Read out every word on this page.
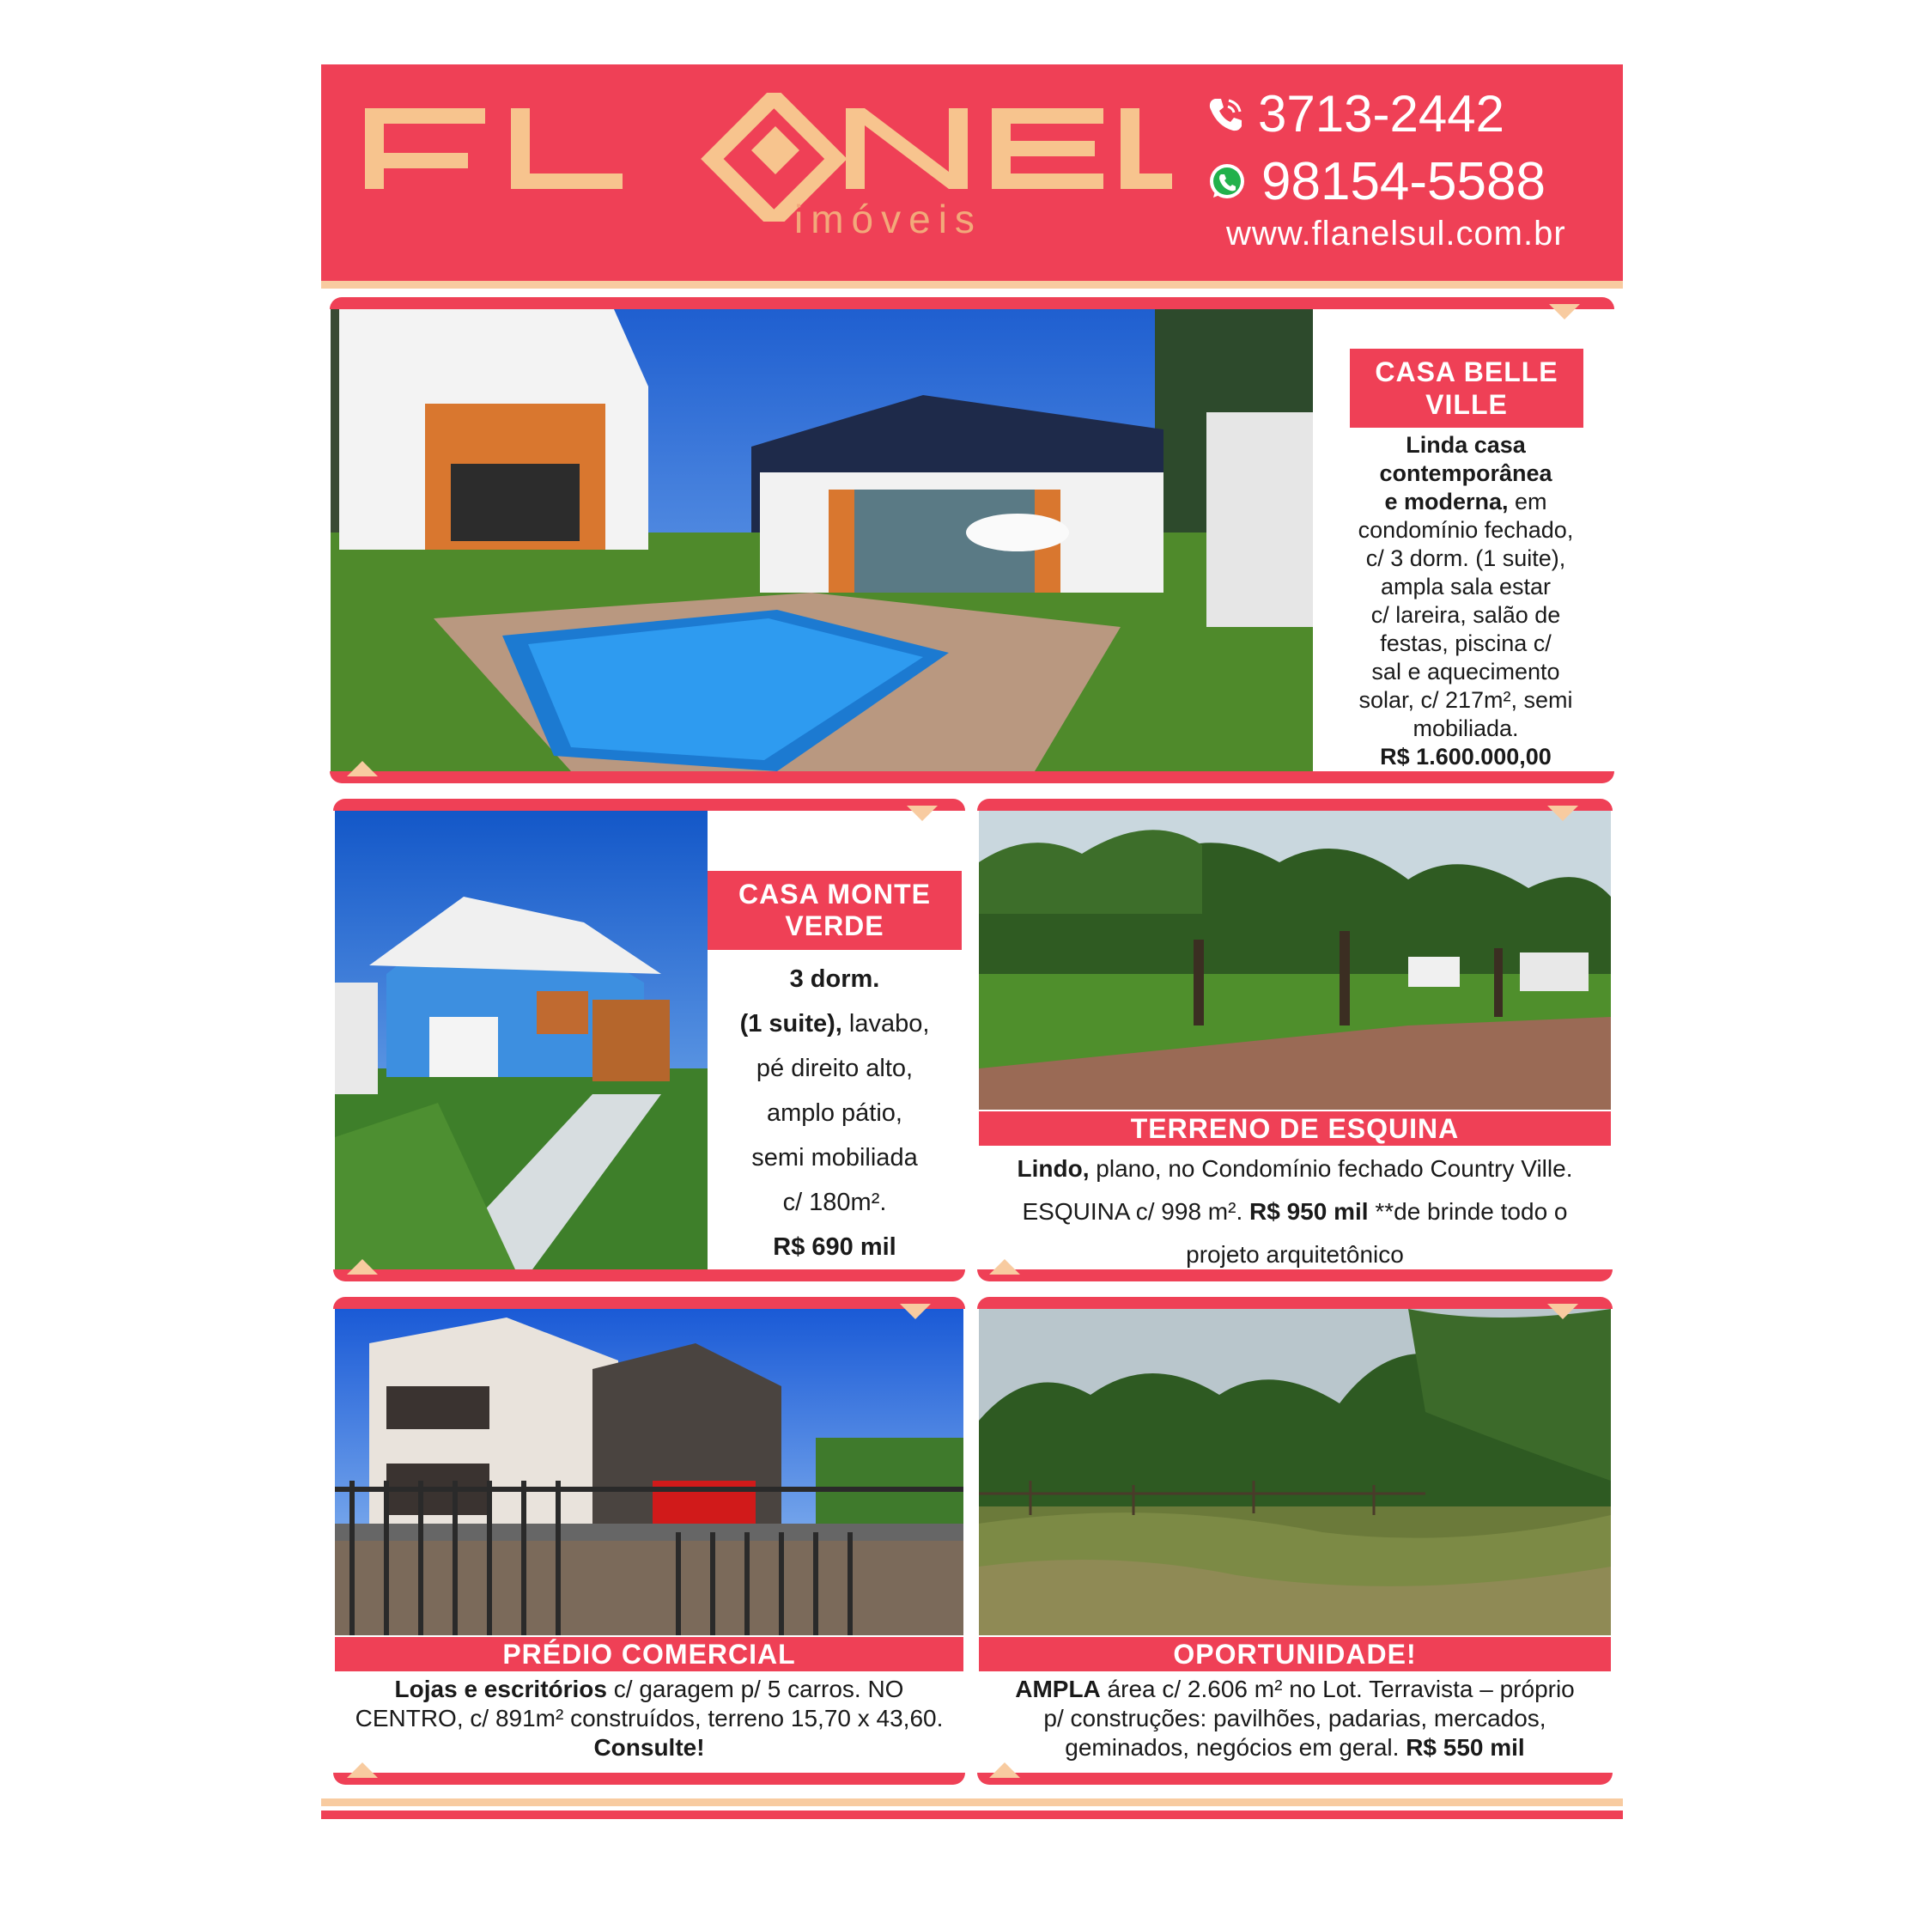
imóveis
3713-2442
98154-5588
www.flanelsul.com.br
CASA BELLE
VILLE
Linda casa
contemporânea
e moderna, em
condomínio fechado,
c/ 3 dorm. (1 suite),
ampla sala estar
c/ lareira, salão de
festas, piscina c/
sal e aquecimento
solar, c/ 217m², semi
mobiliada.
R$ 1.600.000,00
CASA MONTE
VERDE
3 dorm.
(1 suite), lavabo,
pé direito alto,
amplo pátio,
semi mobiliada
c/ 180m².
R$ 690 mil
TERRENO DE ESQUINA
Lindo, plano, no Condomínio fechado Country Ville.
ESQUINA c/ 998 m². R$ 950 mil **de brinde todo o
projeto arquitetônico
PRÉDIO COMERCIAL
Lojas e escritórios c/ garagem p/ 5 carros. NO
CENTRO, c/ 891m² construídos, terreno 15,70 x 43,60.
Consulte!
OPORTUNIDADE!
AMPLA área c/ 2.606 m² no Lot. Terravista – próprio
p/ construções: pavilhões, padarias, mercados,
geminados, negócios em geral. R$ 550 mil
